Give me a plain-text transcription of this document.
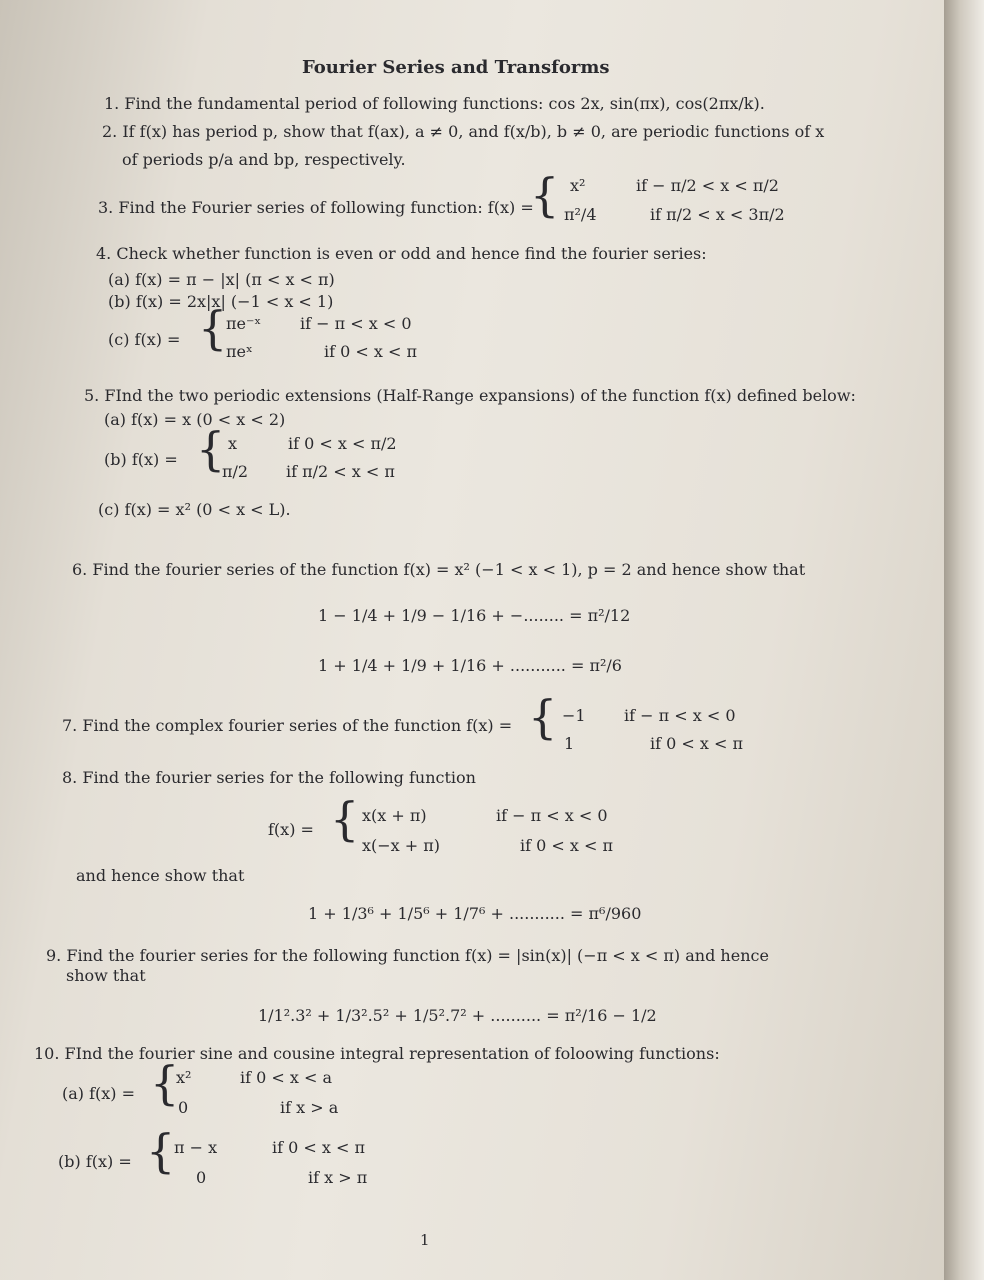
Fourier Series and Transforms
1. Find the fundamental period of following functions: cos 2x, sin(πx), cos(2πx/k).
2. If f(x) has period p, show that f(ax), a ≠ 0, and f(x/b), b ≠ 0, are periodic functions of x
of periods p/a and bp, respectively.
3. Find the Fourier series of following function: f(x) =
{ x²	if − π/2 < x < π/2
π²/4	if π/2 < x < 3π/2
4. Check whether function is even or odd and hence find the fourier series:
(a) f(x) = π − |x| (π < x < π)
(b) f(x) = 2x|x| (−1 < x < 1)
(c) f(x) = {
πe⁻ˣ if − π < x < 0
πeˣ	if 0 < x < π
5. FInd the two periodic extensions (Half-Range expansions) of the function f(x) defined below:
(a) f(x) = x (0 < x < 2)
(b) f(x) = { x	if 0 < x < π/2
π/2 if π/2 < x < π
(c) f(x) = x² (0 < x < L).
6. Find the fourier series of the function f(x) = x² (−1 < x < 1), p = 2 and hence show that
1 − 1/4 + 1/9 − 1/16 + −........ = π²/12
1 + 1/4 + 1/9 + 1/16 + ........... = π²/6
7. Find the complex fourier series of the function f(x) = { −1 if − π < x < 0
1	if 0 < x < π
8. Find the fourier series for the following function
f(x) = { x(x + π)	if − π < x < 0
x(−x + π)	if 0 < x < π
and hence show that
1 + 1/3⁶ + 1/5⁶ + 1/7⁶ + ........... = π⁶/960
9. Find the fourier series for the following function f(x) = |sin(x)| (−π < x < π) and hence
show that
1/1².3² + 1/3².5² + 1/5².7² + .......... = π²/16 − 1/2
10. FInd the fourier sine and cousine integral representation of foloowing functions:
(a) f(x) = {
x²	if 0 < x < a
0	if x > a
(b) f(x) = {
π − x	if 0 < x < π
0	if x > π
1
